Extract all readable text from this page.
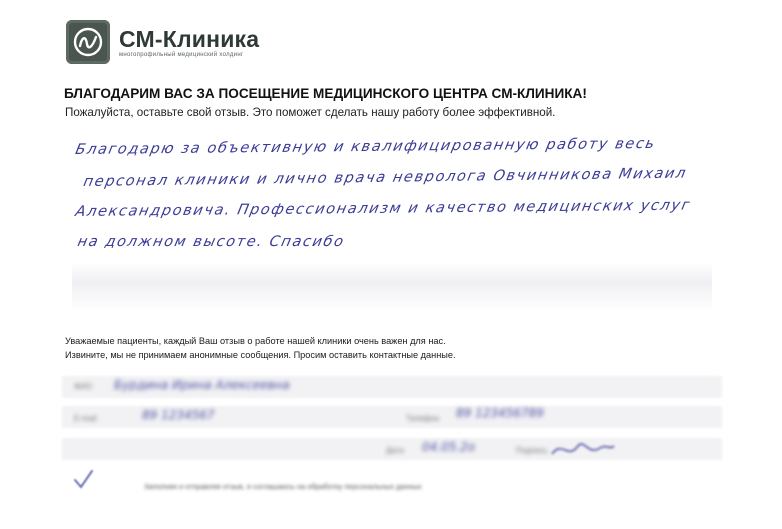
СМ-Клиника
многопрофильный медицинский холдинг
БЛАГОДАРИМ ВАС ЗА ПОСЕЩЕНИЕ МЕДИЦИНСКОГО ЦЕНТРА СМ-КЛИНИКА!
Пожалуйста, оставьте свой отзыв. Это поможет сделать нашу работу более эффективной.
Благодарю за объективную и квалифицированную работу весь
персонал клиники и лично врача невролога Овчинникова Михаил
Александровича. Профессионализм и качество медицинских услуг
на должном высоте. Спасибо
Уважаемые пациенты, каждый Ваш отзыв о работе нашей клиники очень важен для нас.
Извините, мы не принимаем анонимные сообщения. Просим оставить контактные данные.
ФИО Бурдина Ирина Алексеевна
E-mail	89 1234567	Телефон 89 123456789
Дата 04.05.2o	Подпись
Заполняя и отправляя отзыв, я соглашаюсь на обработку персональных данных
